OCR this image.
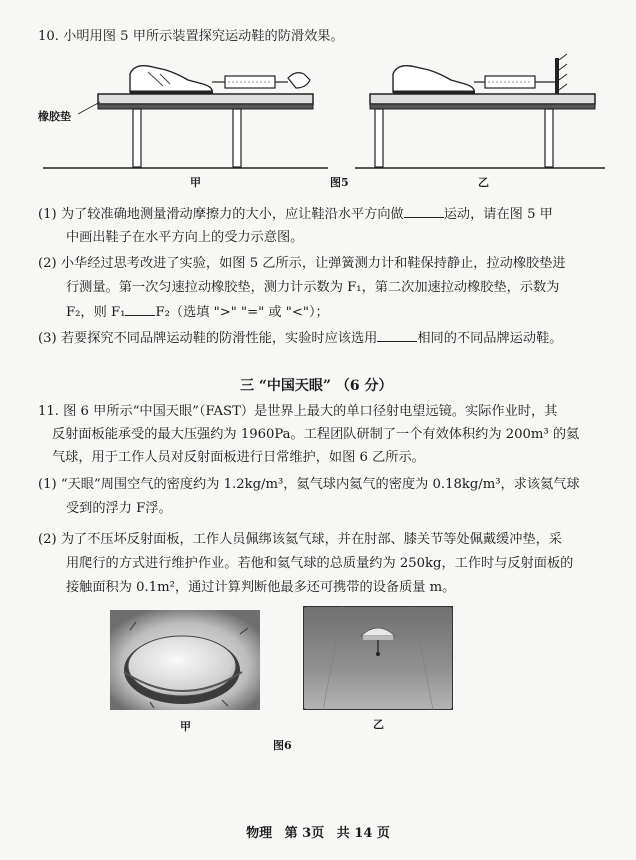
10. 小明用图 5 甲所示装置探究运动鞋的防滑效果。
橡胶垫
甲	图5	乙
(1) 为了较准确地测量滑动摩擦力的大小，应让鞋沿水平方向做	运动，请在图 5 甲
中画出鞋子在水平方向上的受力示意图。
(2) 小华经过思考改进了实验，如图 5 乙所示，让弹簧测力计和鞋保持静止，拉动橡胶垫进
行测量。第一次匀速拉动橡胶垫，测力计示数为 F₁，第二次加速拉动橡胶垫，示数为
F₂，则 F₁ F₂（选填 ">" "=" 或 "<"）；
(3) 若要探究不同品牌运动鞋的防滑性能，实验时应该选用	相同的不同品牌运动鞋。
三 “中国天眼” （6 分）
11. 图 6 甲所示“中国天眼”（FAST）是世界上最大的单口径射电望远镜。实际作业时，其
反射面板能承受的最大压强约为 1960Pa。工程团队研制了一个有效体积约为 200m³ 的氦
气球，用于工作人员对反射面板进行日常维护，如图 6 乙所示。
(1) “天眼”周围空气的密度约为 1.2kg/m³，氦气球内氦气的密度为 0.18kg/m³，求该氦气球
受到的浮力 F浮。
(2) 为了不压坏反射面板，工作人员佩绑该氦气球，并在肘部、膝关节等处佩戴缓冲垫，采
用爬行的方式进行维护作业。若他和氦气球的总质量约为 250kg，工作时与反射面板的
接触面积为 0.1m²，通过计算判断他最多还可携带的设备质量 m。
甲	乙
图6
物理 第 3页 共 14 页
